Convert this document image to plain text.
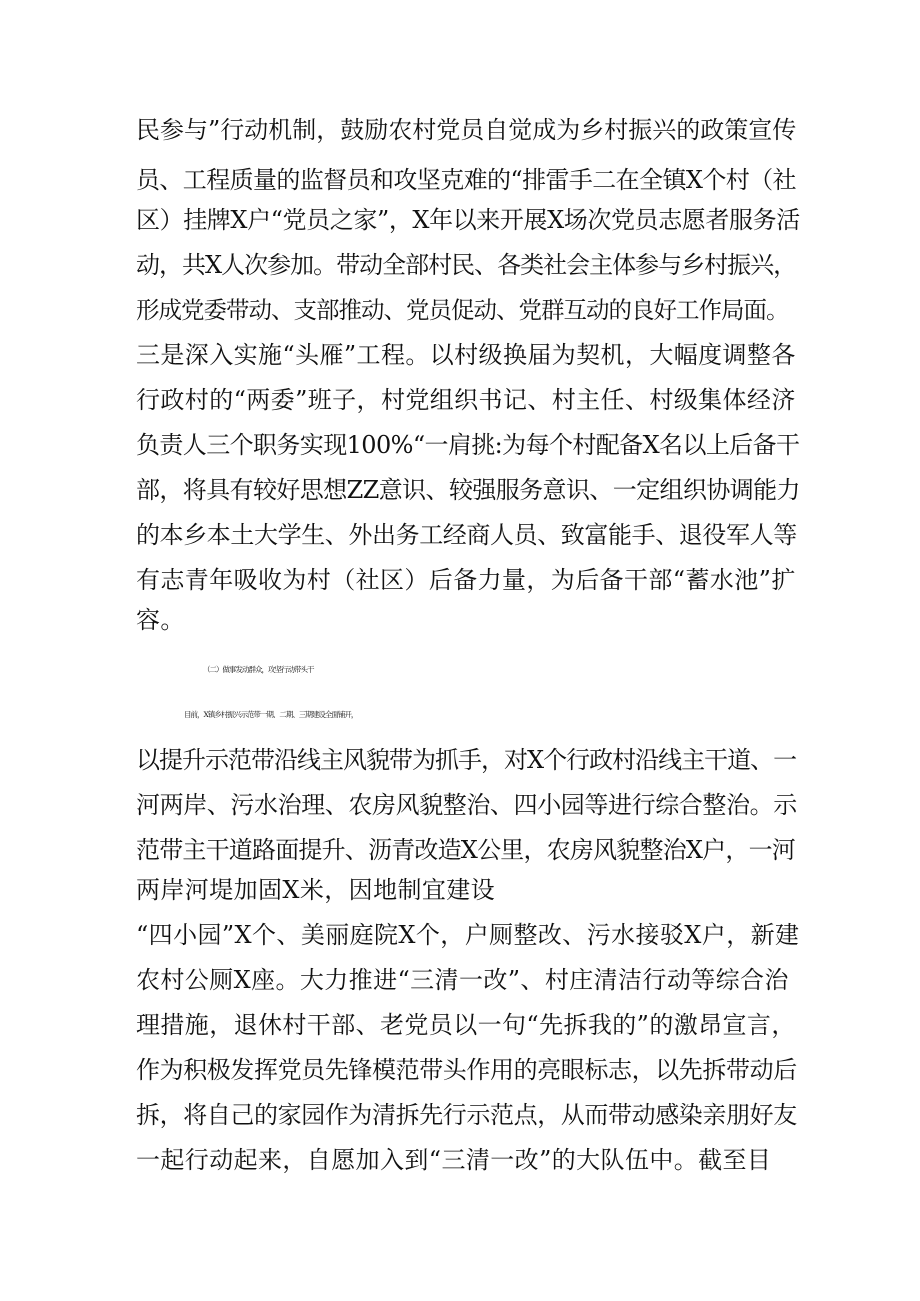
民参与”行动机制，鼓励农村党员自觉成为乡村振兴的政策宣传
员、工程质量的监督员和攻坚克难的“排雷手二在全镇X个村（社
区）挂牌X户“党员之家”，X年以来开展X场次党员志愿者服务活
动，共X人次参加。带动全部村民、各类社会主体参与乡村振兴，
形成党委带动、支部推动、党员促动、党群互动的良好工作局面。
三是深入实施“头雁”工程。以村级换届为契机，大幅度调整各
行政村的“两委”班子，村党组织书记、村主任、村级集体经济
负责人三个职务实现100%“一肩挑:为每个村配备X名以上后备干
部，将具有较好思想ZZ意识、较强服务意识、一定组织协调能力
的本乡本土大学生、外出务工经商人员、致富能手、退役军人等
有志青年吸收为村（社区）后备力量，为后备干部“蓄水池”扩
容。
（二）做事发动群众，攻坚行动带头干
目前，X镇乡村振兴示范带一期、二期、三期建设全面铺开，
以提升示范带沿线主风貌带为抓手，对X个行政村沿线主干道、一
河两岸、污水治理、农房风貌整治、四小园等进行综合整治。示
范带主干道路面提升、沥青改造X公里，农房风貌整治X户，一河
两岸河堤加固X米，因地制宜建设
“四小园”X个、美丽庭院X个，户厕整改、污水接驳X户，新建
农村公厕X座。大力推进“三清一改”、村庄清洁行动等综合治
理措施，退休村干部、老党员以一句“先拆我的”的激昂宣言，
作为积极发挥党员先锋模范带头作用的亮眼标志，以先拆带动后
拆，将自己的家园作为清拆先行示范点，从而带动感染亲朋好友
一起行动起来，自愿加入到“三清一改”的大队伍中。截至目
